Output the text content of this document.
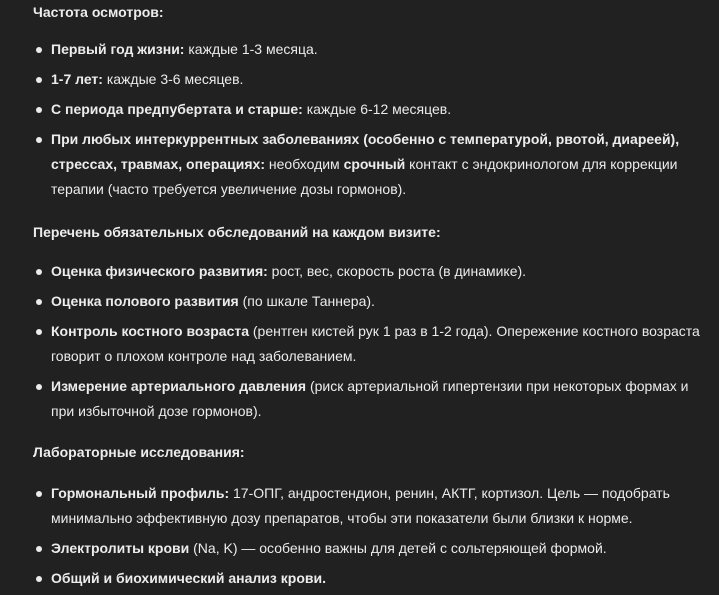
Частота осмотров:

Первый год жизни: каждые 1-3 месяца.
1-7 лет: каждые 3-6 месяцев.
С периода предпубертата и старше: каждые 6-12 месяцев.
При любых интеркуррентных заболеваниях (особенно с температурой, рвотой, диареей), стрессах, травмах, операциях: необходим срочный контакт с эндокринологом для коррекции терапии (часто требуется увеличение дозы гормонов).

Перечень обязательных обследований на каждом визите:

Оценка физического развития: рост, вес, скорость роста (в динамике).
Оценка полового развития (по шкале Таннера).
Контроль костного возраста (рентген кистей рук 1 раз в 1-2 года). Опережение костного возраста говорит о плохом контроле над заболеванием.
Измерение артериального давления (риск артериальной гипертензии при некоторых формах и при избыточной дозе гормонов).

Лабораторные исследования:

Гормональный профиль: 17-ОПГ, андростендион, ренин, АКТГ, кортизол. Цель — подобрать минимально эффективную дозу препаратов, чтобы эти показатели были близки к норме.
Электролиты крови (Na, K) — особенно важны для детей с сольтеряющей формой.
Общий и биохимический анализ крови.
